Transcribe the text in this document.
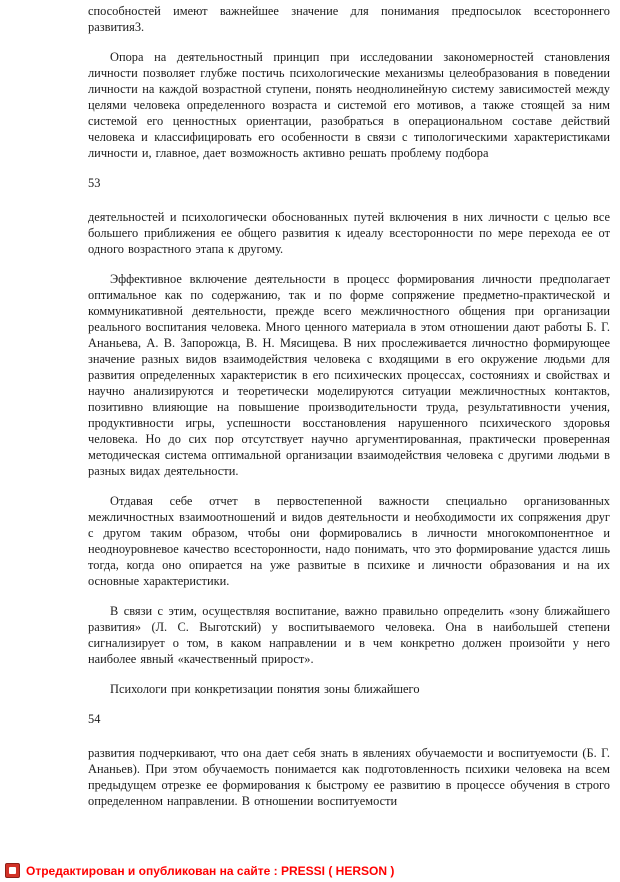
способностей имеют важнейшее значение для понимания предпосылок всестороннего развития3.

Опора на деятельностный принцип при исследовании закономерностей становления личности позволяет глубже постичь психологические механизмы целеобразования в поведении личности на каждой возрастной ступени, понять неоднолинейную систему зависимостей между целями человека определенного возраста и системой его мотивов, а также стоящей за ним системой его ценностных ориентации, разобраться в операциональном составе действий человека и классифицировать его особенности в связи с типологическими характеристиками личности и, главное, дает возможность активно решать проблему подбора

53

деятельностей и психологически обоснованных путей включения в них личности с целью все большего приближения ее общего развития к идеалу всесторонности по мере перехода ее от одного возрастного этапа к другому.

Эффективное включение деятельности в процесс формирования личности предполагает оптимальное как по содержанию, так и по форме сопряжение предметно-практической и коммуникативной деятельности, прежде всего межличностного общения при организации реального воспитания человека. Много ценного материала в этом отношении дают работы Б. Г. Ананьева, А. В. Запорожца, В. Н. Мясищева. В них прослеживается личностно формирующее значение разных видов взаимодействия человека с входящими в его окружение людьми для развития определенных характеристик в его психических процессах, состояниях и свойствах и научно анализируются и теоретически моделируются ситуации межличностных контактов, позитивно влияющие на повышение производительности труда, результативности учения, продуктивности игры, успешности восстановления нарушенного психического здоровья человека. Но до сих пор отсутствует научно аргументированная, практически проверенная методическая система оптимальной организации взаимодействия человека с другими людьми в разных видах деятельности.

Отдавая себе отчет в первостепенной важности специально организованных межличностных взаимоотношений и видов деятельности и необходимости их сопряжения друг с другом таким образом, чтобы они формировались в личности многокомпонентное и неодноуровневое качество всесторонности, надо понимать, что это формирование удастся лишь тогда, когда оно опирается на уже развитые в психике и личности образования и на их основные характеристики.

В связи с этим, осуществляя воспитание, важно правильно определить «зону ближайшего развития» (Л. С. Выготский) у воспитываемого человека. Она в наибольшей степени сигнализирует о том, в каком направлении и в чем конкретно должен произойти у него наиболее явный «качественный прирост».

Психологи при конкретизации понятия зоны ближайшего

54

развития подчеркивают, что она дает себя знать в явлениях обучаемости и воспитуемости (Б. Г. Ананьев). При этом обучаемость понимается как подготовленность психики человека на всем предыдущем отрезке ее формирования к быстрому ее развитию в процессе обучения в строго определенном направлении. В отношении воспитуемости

Отредактирован и опубликован на сайте : PRESSI ( HERSON )
